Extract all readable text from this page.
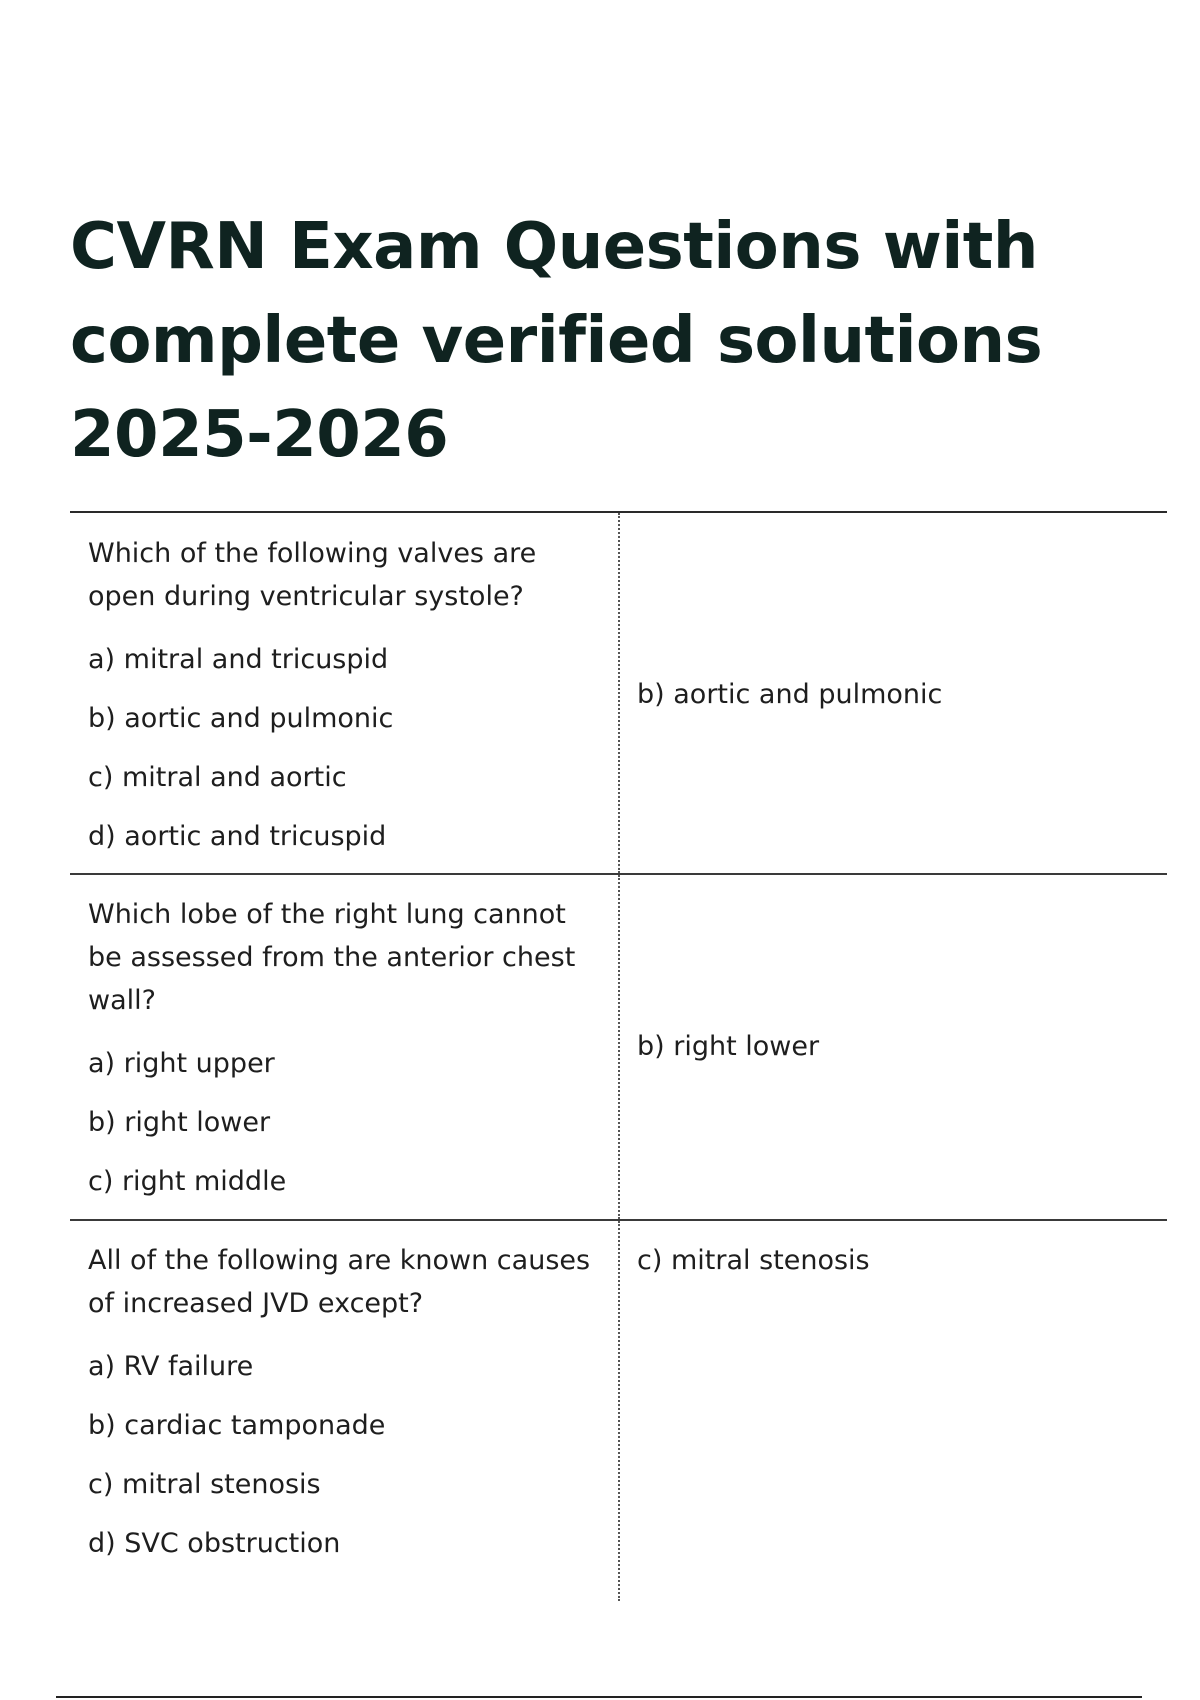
CVRN Exam Questions with
complete verified solutions
2025-2026

Which of the following valves are open during ventricular systole?

a) mitral and tricuspid

b) aortic and pulmonic

c) mitral and aortic

d) aortic and tricuspid

b) aortic and pulmonic

Which lobe of the right lung cannot be assessed from the anterior chest wall?

a) right upper

b) right lower

c) right middle

b) right lower

All of the following are known causes of increased JVD except?

a) RV failure

b) cardiac tamponade

c) mitral stenosis

d) SVC obstruction

c) mitral stenosis
